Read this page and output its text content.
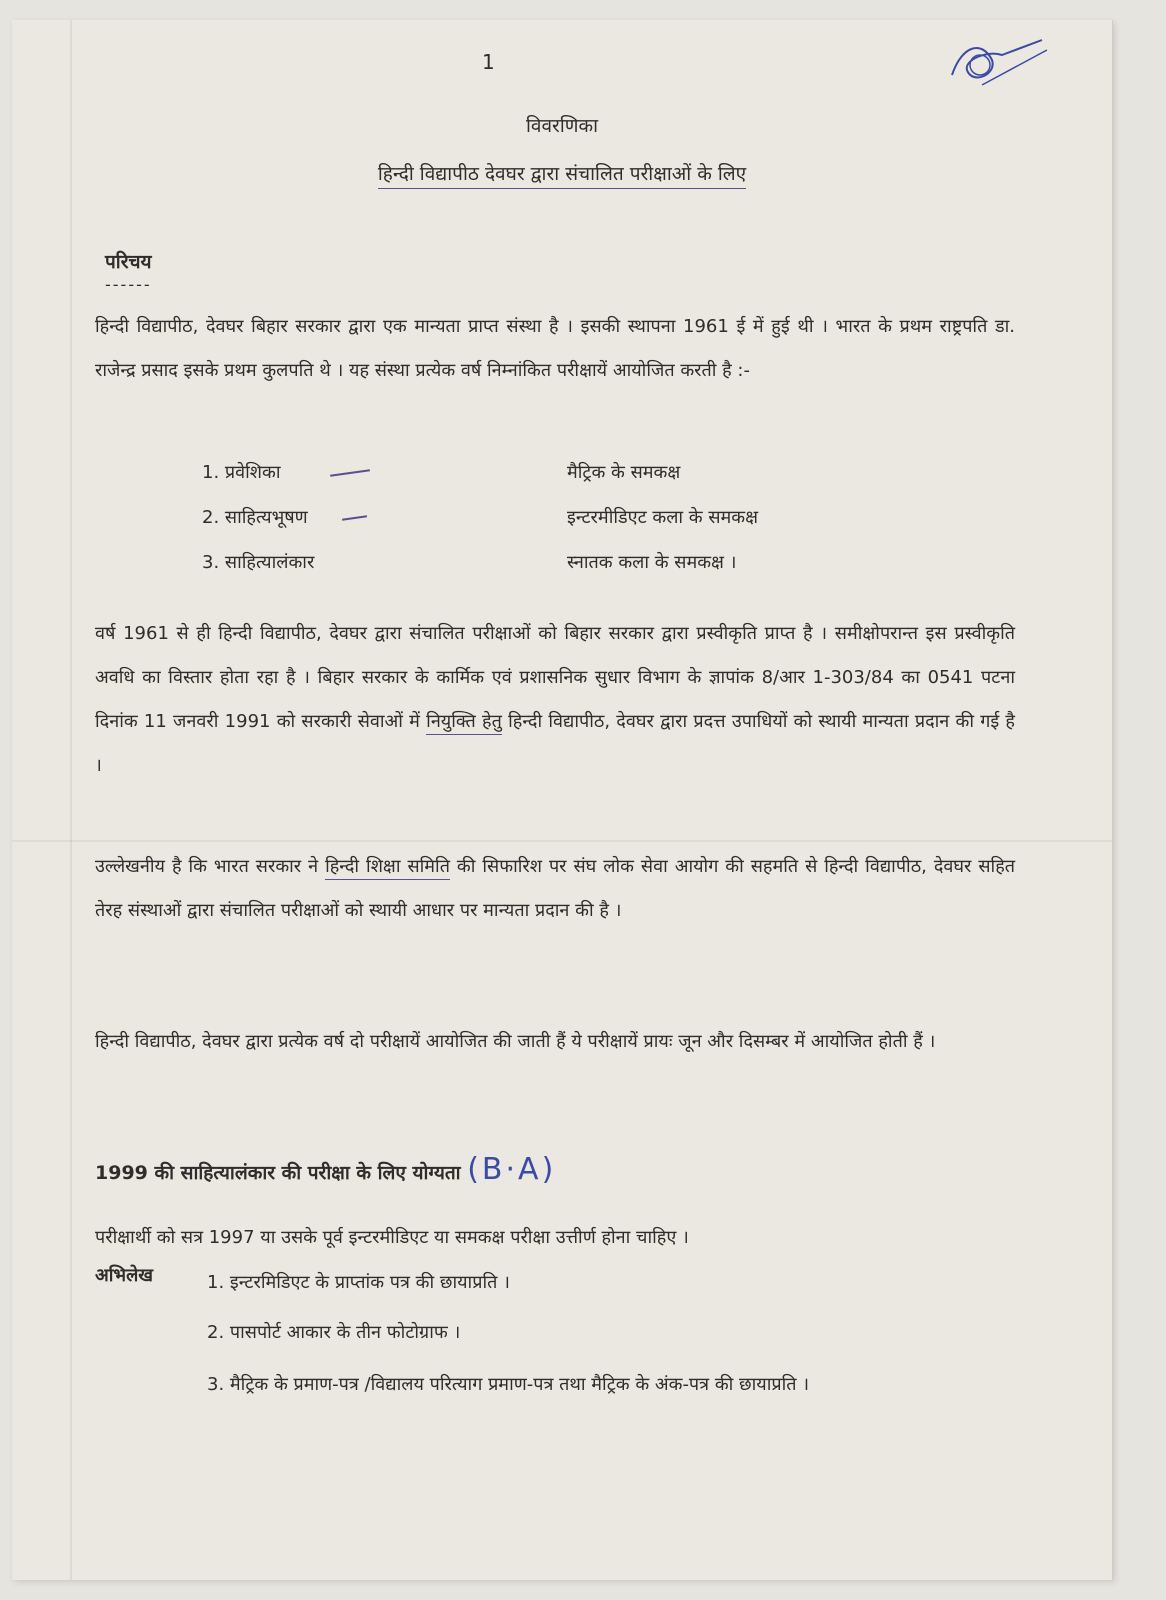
1
विवरणिका
हिन्दी विद्यापीठ देवघर द्वारा संचालित परीक्षाओं के लिए
परिचय
------
हिन्दी विद्यापीठ, देवघर बिहार सरकार द्वारा एक मान्यता प्राप्त संस्था है । इसकी स्थापना 1961 ई में हुई थी । भारत के प्रथम राष्ट्रपति डा. राजेन्द्र प्रसाद इसके प्रथम कुलपति थे । यह संस्था प्रत्येक वर्ष निम्नांकित परीक्षायें आयोजित करती है :-
1. प्रवेशिका	मैट्रिक के समकक्ष
2. साहित्यभूषण	इन्टरमीडिएट कला के समकक्ष
3. साहित्यालंकार	स्नातक कला के समकक्ष ।
वर्ष 1961 से ही हिन्दी विद्यापीठ, देवघर द्वारा संचालित परीक्षाओं को बिहार सरकार द्वारा प्रस्वीकृति प्राप्त है । समीक्षोपरान्त इस प्रस्वीकृति अवधि का विस्तार होता रहा है । बिहार सरकार के कार्मिक एवं प्रशासनिक सुधार विभाग के ज्ञापांक 8/आर 1-303/84 का 0541 पटना दिनांक 11 जनवरी 1991 को सरकारी सेवाओं में नियुक्ति हेतु हिन्दी विद्यापीठ, देवघर द्वारा प्रदत्त उपाधियों को स्थायी मान्यता प्रदान की गई है ।
उल्लेखनीय है कि भारत सरकार ने हिन्दी शिक्षा समिति की सिफारिश पर संघ लोक सेवा आयोग की सहमति से हिन्दी विद्यापीठ, देवघर सहित तेरह संस्थाओं द्वारा संचालित परीक्षाओं को स्थायी आधार पर मान्यता प्रदान की है ।
हिन्दी विद्यापीठ, देवघर द्वारा प्रत्येक वर्ष दो परीक्षायें आयोजित की जाती हैं ये परीक्षायें प्रायः जून और दिसम्बर में आयोजित होती हैं ।
1999 की साहित्यालंकार की परीक्षा के लिए योग्यता (B·A)
परीक्षार्थी को सत्र 1997 या उसके पूर्व इन्टरमीडिएट या समकक्ष परीक्षा उत्तीर्ण होना चाहिए ।
अभिलेख	1. इन्टरमिडिएट के प्राप्तांक पत्र की छायाप्रति ।
2. पासपोर्ट आकार के तीन फोटोग्राफ ।
3. मैट्रिक के प्रमाण-पत्र /विद्यालय परित्याग प्रमाण-पत्र तथा मैट्रिक के अंक-पत्र की छायाप्रति ।
